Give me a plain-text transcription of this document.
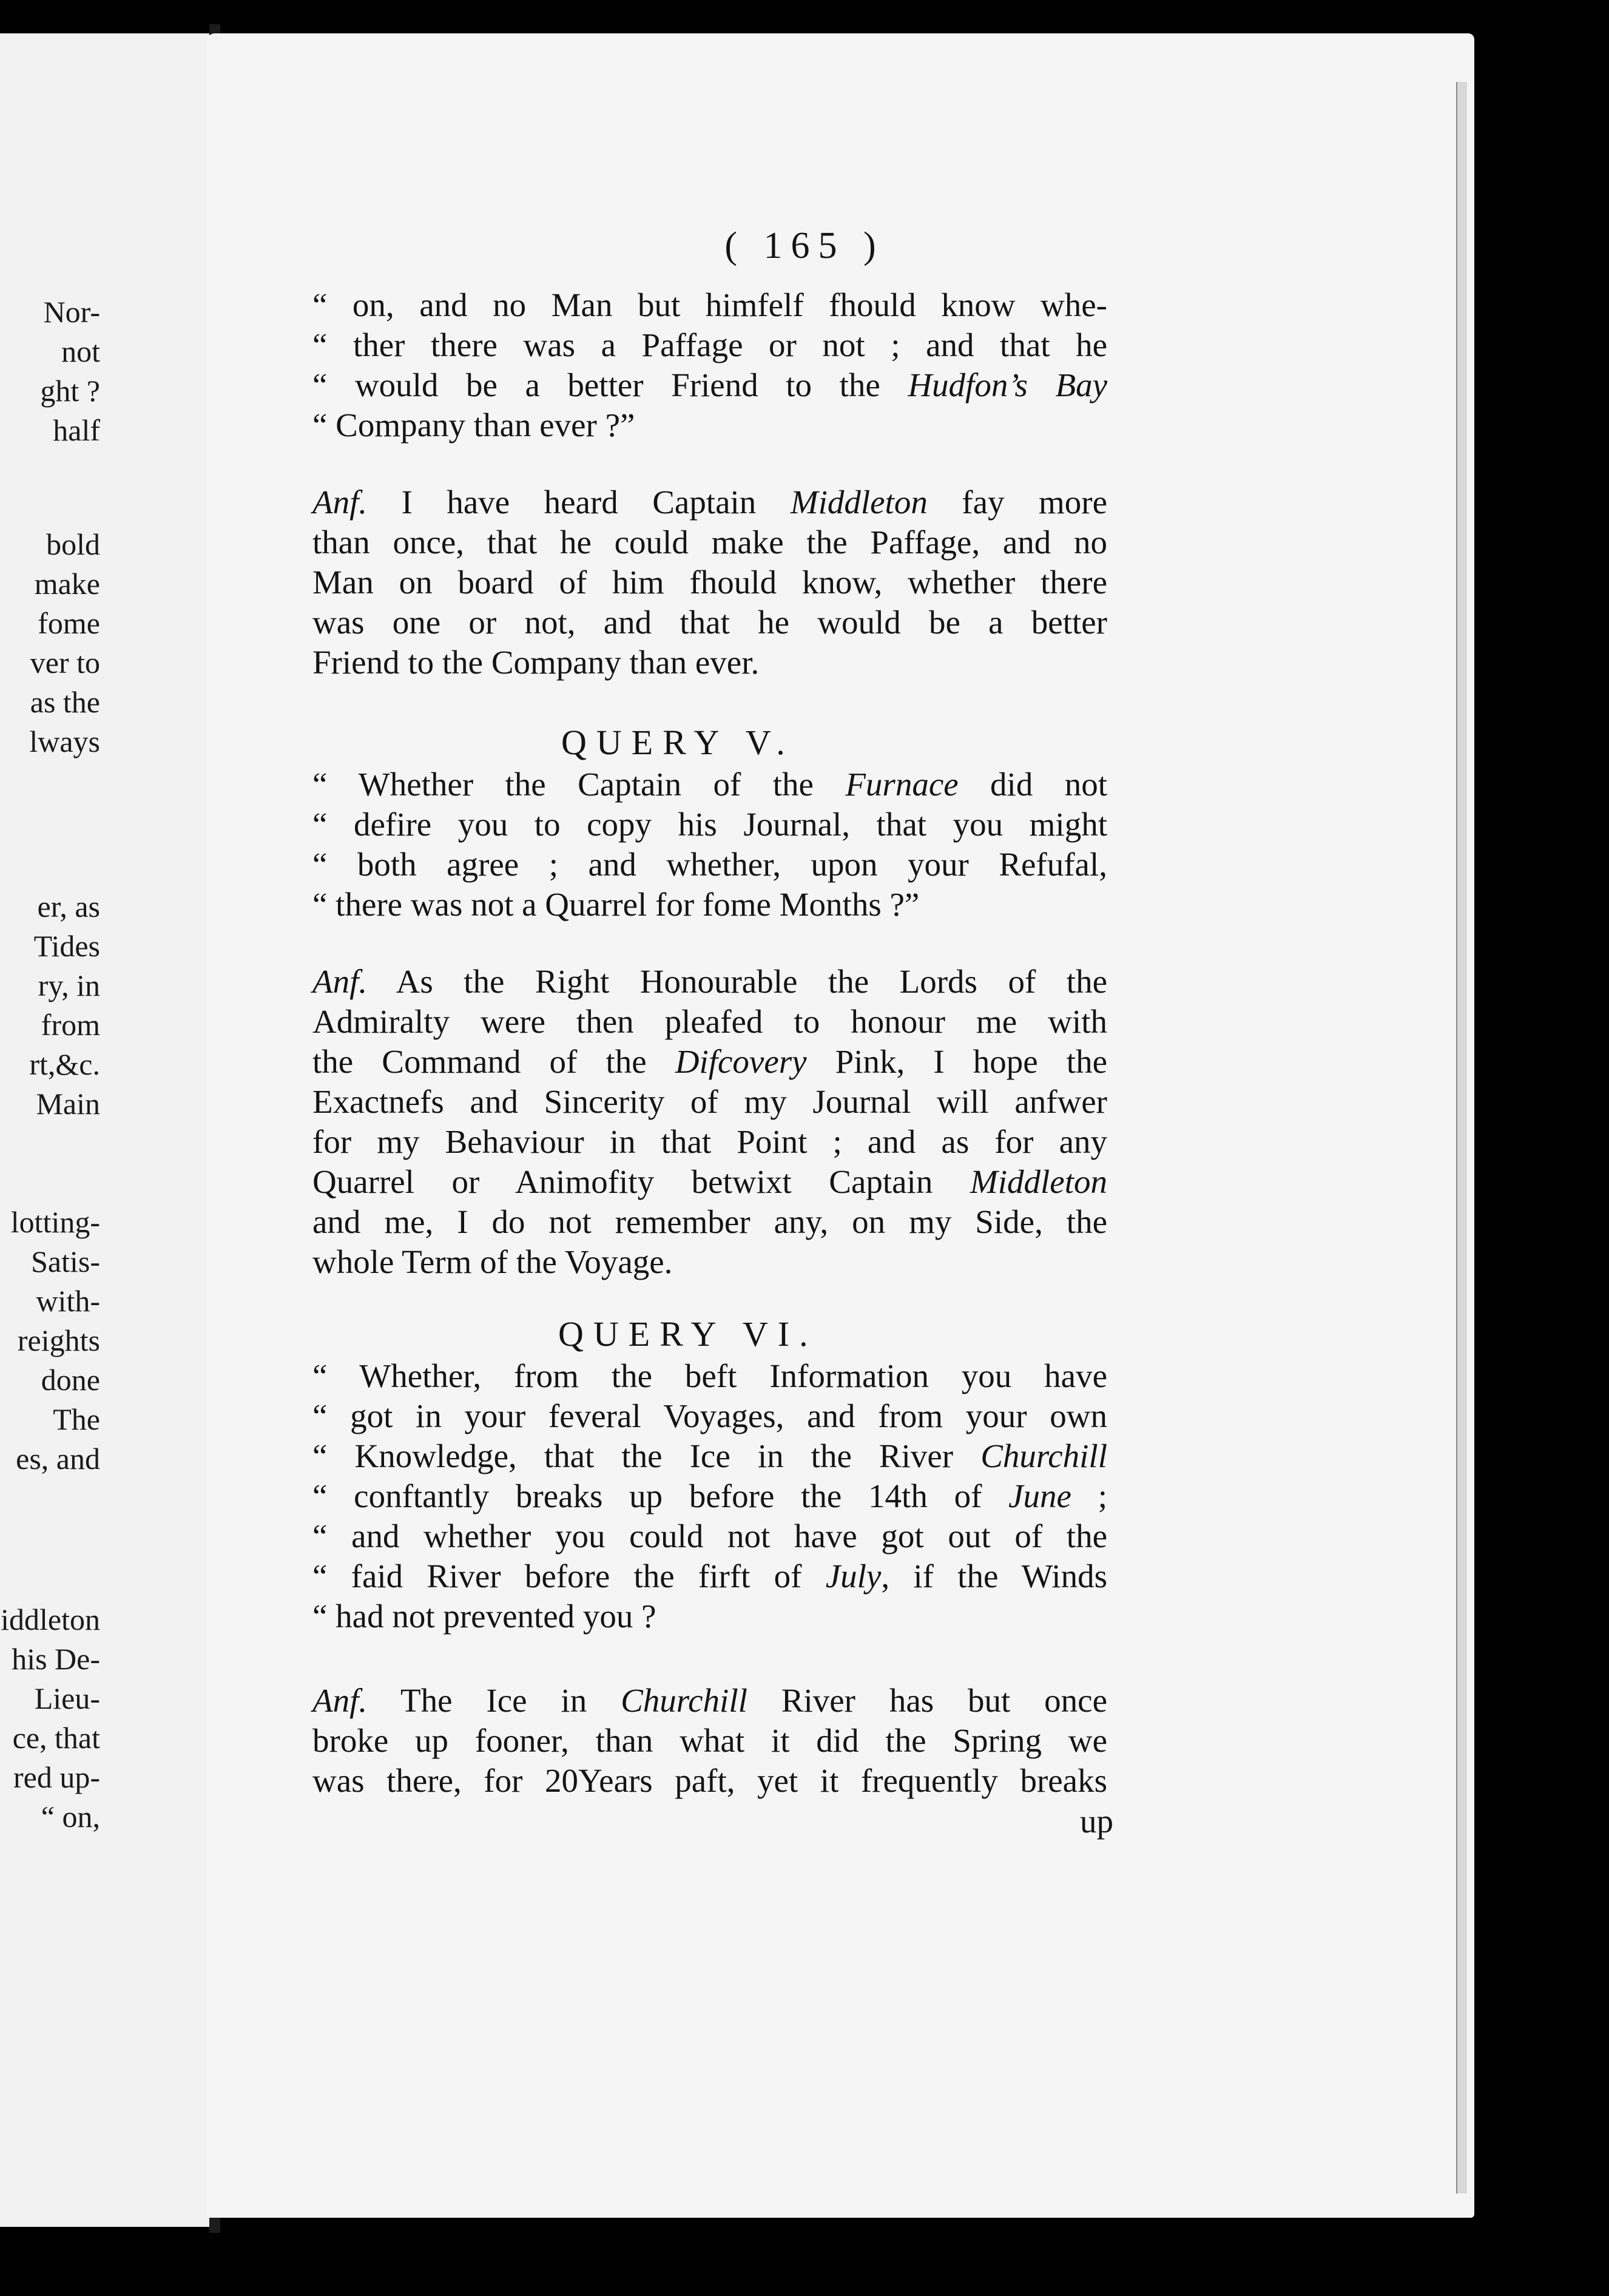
Nor-
not
ght ?
half
bold
make
fome
ver to
as the
lways
er, as
Tides
ry, in
from
rt,&c.
Main
lotting-
Satis-
with-
reights
done
The
es, and
iddleton
his De-
Lieu-
ce, that
red up-
“ on,
“ on, and no Man but himfelf fhould know whe-
“ ther there was a Paffage or not ; and that he
“ would be a better Friend to the Hudfon’s Bay
“ Company than ever ?”
Anf. I have heard Captain Middleton fay more
than once, that he could make the Paffage, and no
Man on board of him fhould know, whether there
was one or not, and that he would be a better
Friend to the Company than ever.
“ Whether the Captain of the Furnace did not
“ defire you to copy his Journal, that you might
“ both agree ; and whether, upon your Refufal,
“ there was not a Quarrel for fome Months ?”
Anf. As the Right Honourable the Lords of the
Admiralty were then pleafed to honour me with
the Command of the Difcovery Pink, I hope the
Exactnefs and Sincerity of my Journal will anfwer
for my Behaviour in that Point ; and as for any
Quarrel or Animofity betwixt Captain Middleton
and me, I do not remember any, on my Side, the
whole Term of the Voyage.
“ Whether, from the beft Information you have
“ got in your feveral Voyages, and from your own
“ Knowledge, that the Ice in the River Churchill
“ conftantly breaks up before the 14th of June ;
“ and whether you could not have got out of the
“ faid River before the firft of July, if the Winds
“ had not prevented you ?
Anf. The Ice in Churchill River has but once
broke up fooner, than what it did the Spring we
was there, for 20Years paft, yet it frequently breaks
( 165 )
QUERY V.
QUERY VI.
up
